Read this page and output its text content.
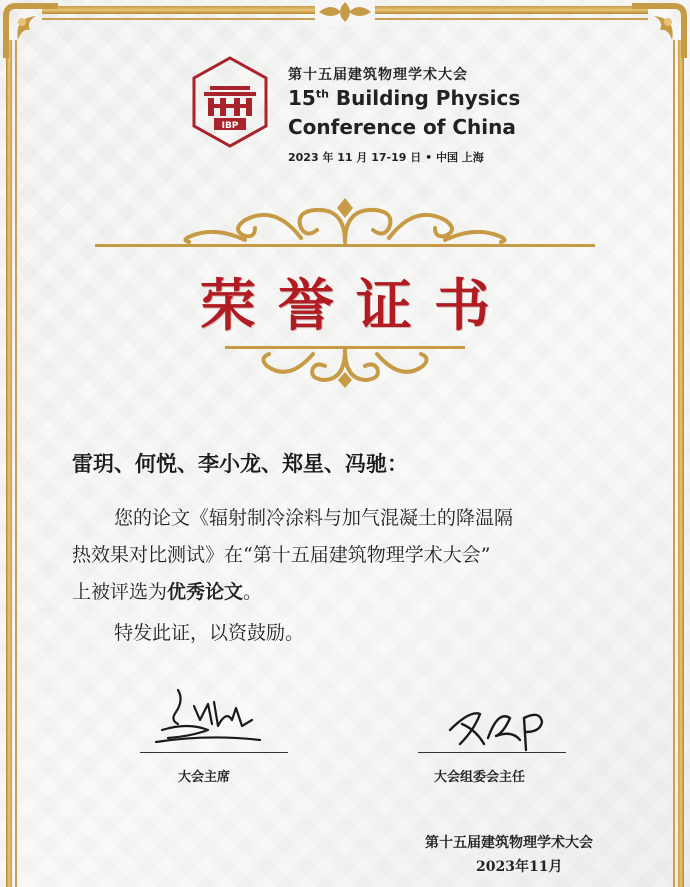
IBP
第十五届建筑物理学术大会
15th Building Physics
Conference of China
2023 年 11 月 17-19 日 • 中国 上海
荣誉证书
雷玥、何悦、李小龙、郑星、冯驰：
您的论文《辐射制冷涂料与加气混凝土的降温隔
热效果对比测试》在“第十五届建筑物理学术大会”
上被评选为优秀论文。
特发此证，以资鼓励。
大会主席	大会组委会主任
第十五届建筑物理学术大会
2023年11月
